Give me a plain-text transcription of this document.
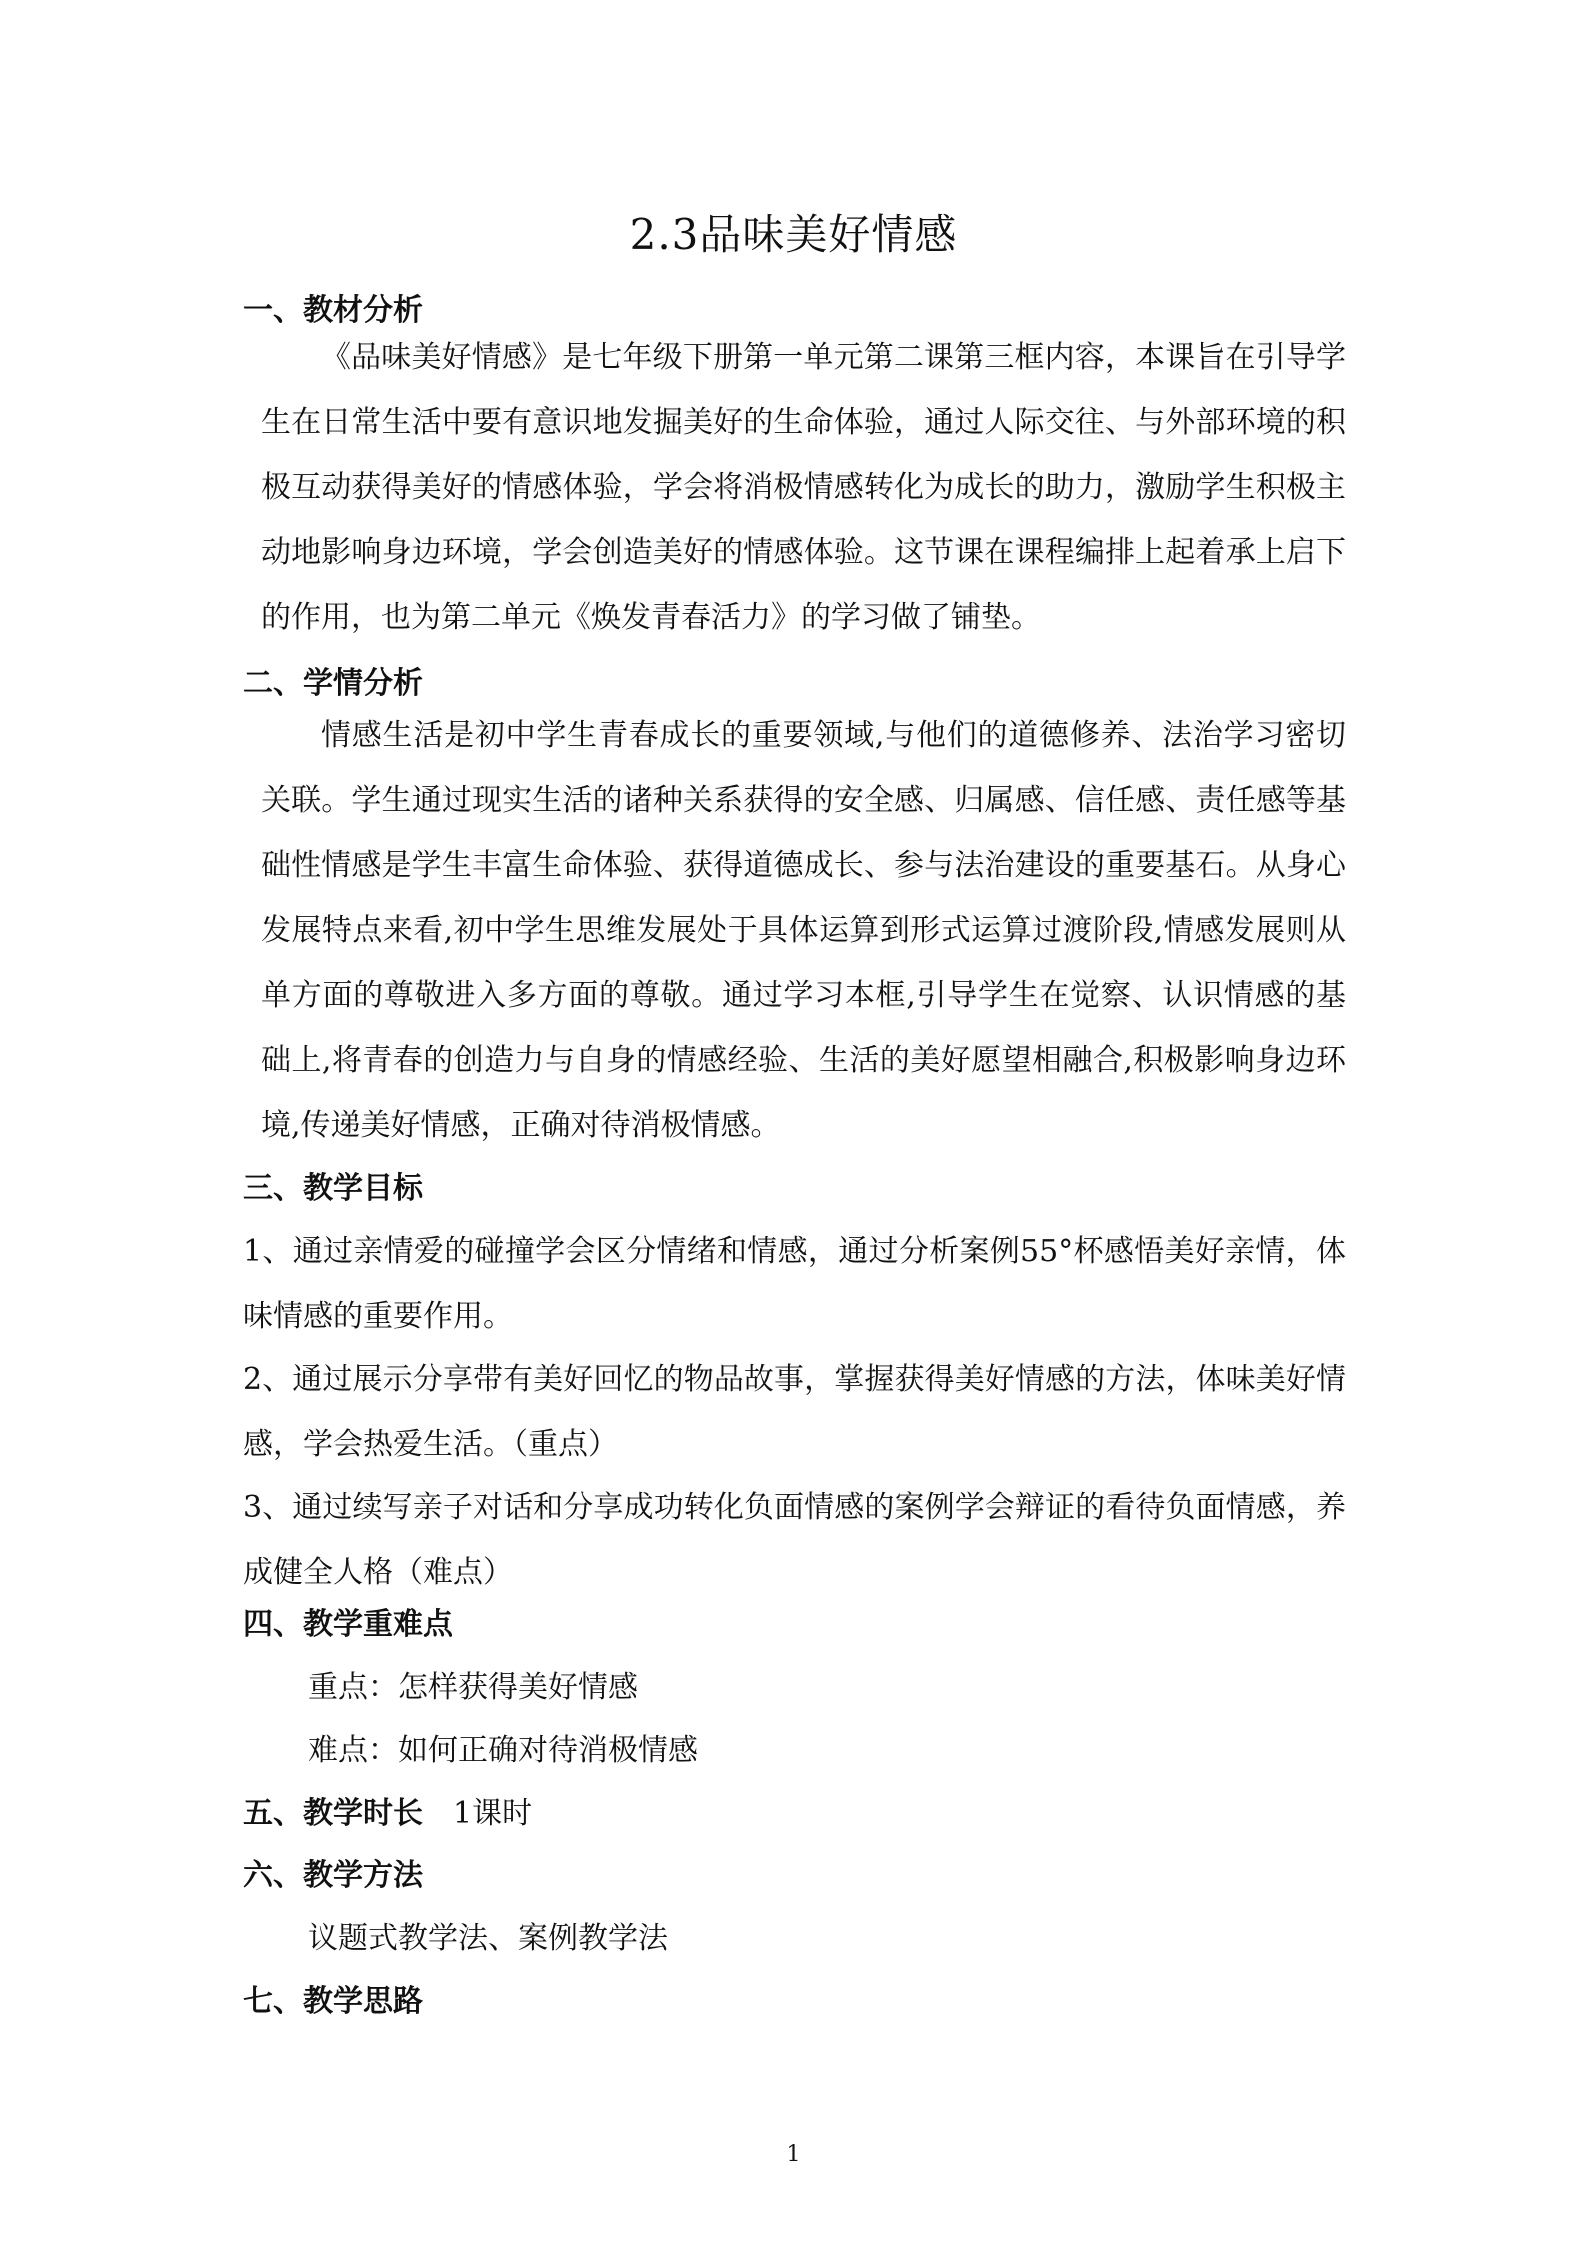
2.3品味美好情感
一、教材分析
《品味美好情感》是七年级下册第一单元第二课第三框内容，本课旨在引导学生在日常生活中要有意识地发掘美好的生命体验，通过人际交往、与外部环境的积极互动获得美好的情感体验，学会将消极情感转化为成长的助力，激励学生积极主动地影响身边环境，学会创造美好的情感体验。这节课在课程编排上起着承上启下的作用，也为第二单元《焕发青春活力》的学习做了铺垫。
二、学情分析
情感生活是初中学生青春成长的重要领域,与他们的道德修养、法治学习密切关联。学生通过现实生活的诸种关系获得的安全感、归属感、信任感、责任感等基础性情感是学生丰富生命体验、获得道德成长、参与法治建设的重要基石。从身心发展特点来看,初中学生思维发展处于具体运算到形式运算过渡阶段,情感发展则从单方面的尊敬进入多方面的尊敬。通过学习本框,引导学生在觉察、认识情感的基础上,将青春的创造力与自身的情感经验、生活的美好愿望相融合,积极影响身边环境,传递美好情感，正确对待消极情感。
三、教学目标
1、通过亲情爱的碰撞学会区分情绪和情感，通过分析案例55°杯感悟美好亲情，体味情感的重要作用。
2、通过展示分享带有美好回忆的物品故事，掌握获得美好情感的方法，体味美好情感，学会热爱生活。（重点）
3、通过续写亲子对话和分享成功转化负面情感的案例学会辩证的看待负面情感，养成健全人格（难点）
四、教学重难点
重点：怎样获得美好情感
难点：如何正确对待消极情感
五、教学时长 1课时
六、教学方法
议题式教学法、案例教学法
七、教学思路
1
